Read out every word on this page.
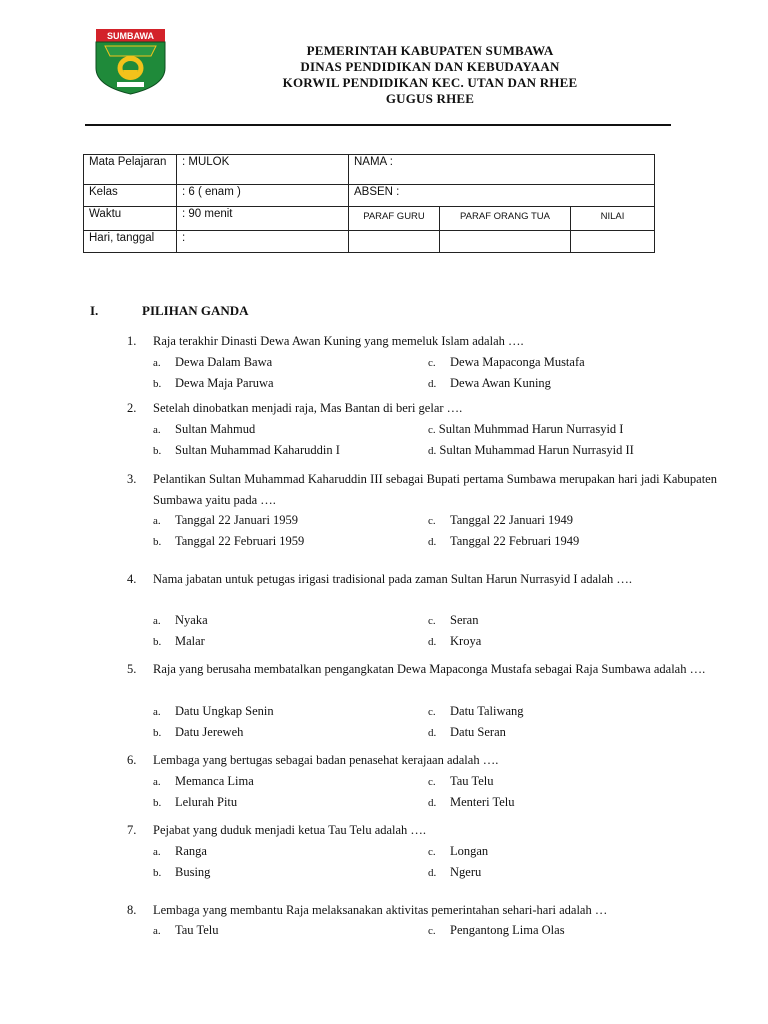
SUMBAWA
PEMERINTAH KABUPATEN SUMBAWA
DINAS PENDIDIKAN DAN KEBUDAYAAN
KORWIL PENDIDIKAN KEC. UTAN DAN RHEE
GUGUS RHEE
Mata Pelajaran	: MULOK	NAMA :		
Kelas	: 6 ( enam )	ABSEN :		
Waktu	: 90 menit	PARAF GURU	PARAF ORANG TUA	NILAI
Hari, tanggal	:			
I.	PILIHAN GANDA
1. Raja terakhir Dinasti Dewa Awan Kuning yang memeluk Islam adalah ….
a. Dewa Dalam Bawa	c. Dewa Mapaconga Mustafa
b. Dewa Maja Paruwa	d. Dewa Awan Kuning
2. Setelah dinobatkan menjadi raja, Mas Bantan di beri gelar ….
a. Sultan Mahmud	c. Sultan Muhmmad Harun Nurrasyid I
b. Sultan Muhammad Kaharuddin I	d. Sultan Muhammad Harun Nurrasyid II
3. Pelantikan Sultan Muhammad Kaharuddin III sebagai Bupati pertama Sumbawa merupakan hari jadi Kabupaten Sumbawa yaitu pada ….
a. Tanggal 22 Januari 1959	c. Tanggal 22 Januari 1949
b. Tanggal 22 Februari 1959	d. Tanggal 22 Februari 1949
4. Nama jabatan untuk petugas irigasi tradisional pada zaman Sultan Harun Nurrasyid I adalah ….
a. Nyaka	c. Seran
b. Malar	d. Kroya
5. Raja yang berusaha membatalkan pengangkatan Dewa Mapaconga Mustafa sebagai Raja Sumbawa adalah ….
a. Datu Ungkap Senin	c. Datu Taliwang
b. Datu Jereweh	d. Datu Seran
6. Lembaga yang bertugas sebagai badan penasehat kerajaan adalah ….
a. Memanca Lima	c. Tau Telu
b. Lelurah Pitu	d. Menteri Telu
7. Pejabat yang duduk menjadi ketua Tau Telu adalah ….
a. Ranga	c. Longan
b. Busing	d. Ngeru
8. Lembaga yang membantu Raja melaksanakan aktivitas pemerintahan sehari-hari adalah …
a. Tau Telu	c. Pengantong Lima Olas
